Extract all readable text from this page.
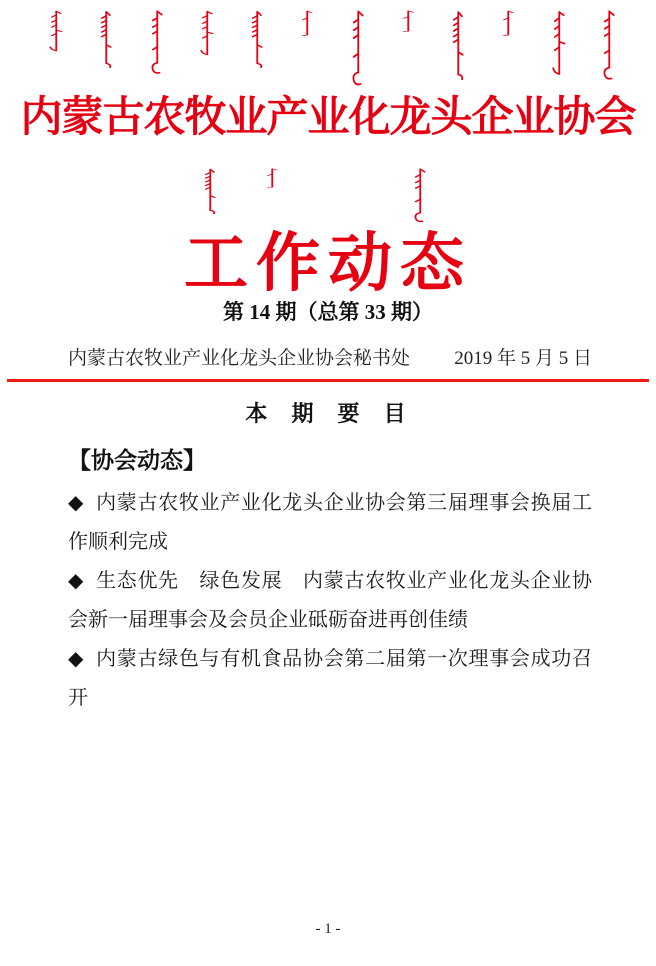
内蒙古农牧业产业化龙头企业协会
工作动态
第 14 期（总第 33 期）
内蒙古农牧业产业化龙头企业协会秘书处 2019 年 5 月 5 日

本 期 要 目

【协会动态】

◆ 内蒙古农牧业产业化龙头企业协会第三届理事会换届工作顺利完成

◆ 生态优先　绿色发展　内蒙古农牧业产业化龙头企业协会新一届理事会及会员企业砥砺奋进再创佳绩

◆ 内蒙古绿色与有机食品协会第二届第一次理事会成功召开

- 1 -
